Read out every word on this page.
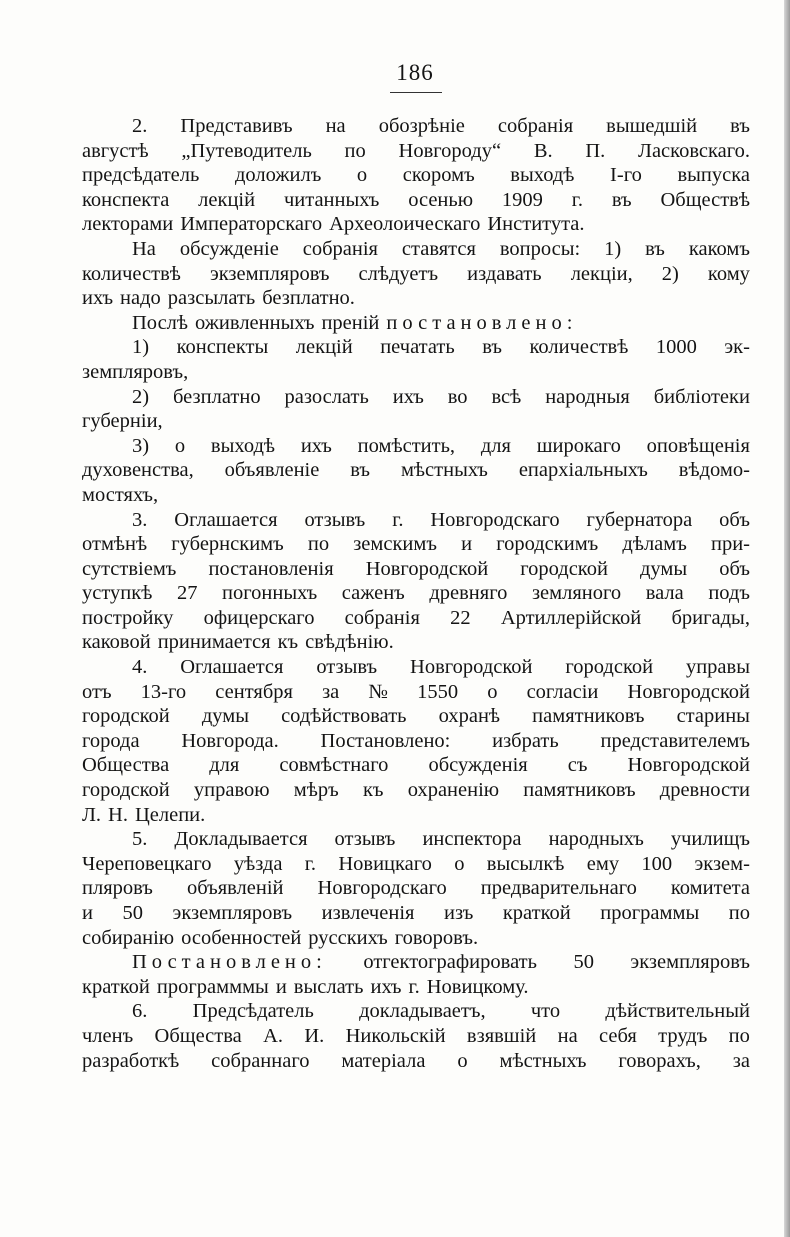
186
2. Представивъ на обозрѣніе собранія вышедшій въ
августѣ „Путеводитель по Новгороду“ В. П. Ласковскаго.
предсѣдатель доложилъ о скоромъ выходѣ І-го выпуска
конспекта лекцій читанныхъ осенью 1909 г. въ Обществѣ
лекторами Императорскаго Археолоическаго Института.
На обсужденіе собранія ставятся вопросы: 1) въ какомъ
количествѣ экземпляровъ слѣдуетъ издавать лекціи, 2) кому
ихъ надо разсылать безплатно.
Послѣ оживленныхъ преній постановлено:
1) конспекты лекцій печатать въ количествѣ 1000 эк-
земпляровъ,
2) безплатно разослать ихъ во всѣ народныя библіотеки
губерніи,
3) о выходѣ ихъ помѣстить, для широкаго оповѣщенія
духовенства, объявленіе въ мѣстныхъ епархіальныхъ вѣдомо-
мостяхъ,
3. Оглашается отзывъ г. Новгородскаго губернатора объ
отмѣнѣ губернскимъ по земскимъ и городскимъ дѣламъ при-
сутствіемъ постановленія Новгородской городской думы объ
уступкѣ 27 погонныхъ саженъ древняго земляного вала подъ
постройку офицерскаго собранія 22 Артиллерійской бригады,
каковой принимается къ свѣдѣнію.
4. Оглашается отзывъ Новгородской городской управы
отъ 13-го сентября за № 1550 о согласіи Новгородской
городской думы содѣйствовать охранѣ памятниковъ старины
города Новгорода. Постановлено: избрать представителемъ
Общества для совмѣстнаго обсужденія съ Новгородской
городской управою мѣръ къ охраненію памятниковъ древности
Л. Н. Целепи.
5. Докладывается отзывъ инспектора народныхъ училищъ
Череповецкаго уѣзда г. Новицкаго о высылкѣ ему 100 экзем-
пляровъ объявленій Новгородскаго предварительнаго комитета
и 50 экземпляровъ извлеченія изъ краткой программы по
собиранію особенностей русскихъ говоровъ.
Постановлено: отгектографировать 50 экземпляровъ
краткой программмы и выслать ихъ г. Новицкому.
6. Предсѣдатель докладываетъ, что дѣйствительный
членъ Общества А. И. Никольскій взявшій на себя трудъ по
разработкѣ собраннаго матеріала о мѣстныхъ говорахъ, за
